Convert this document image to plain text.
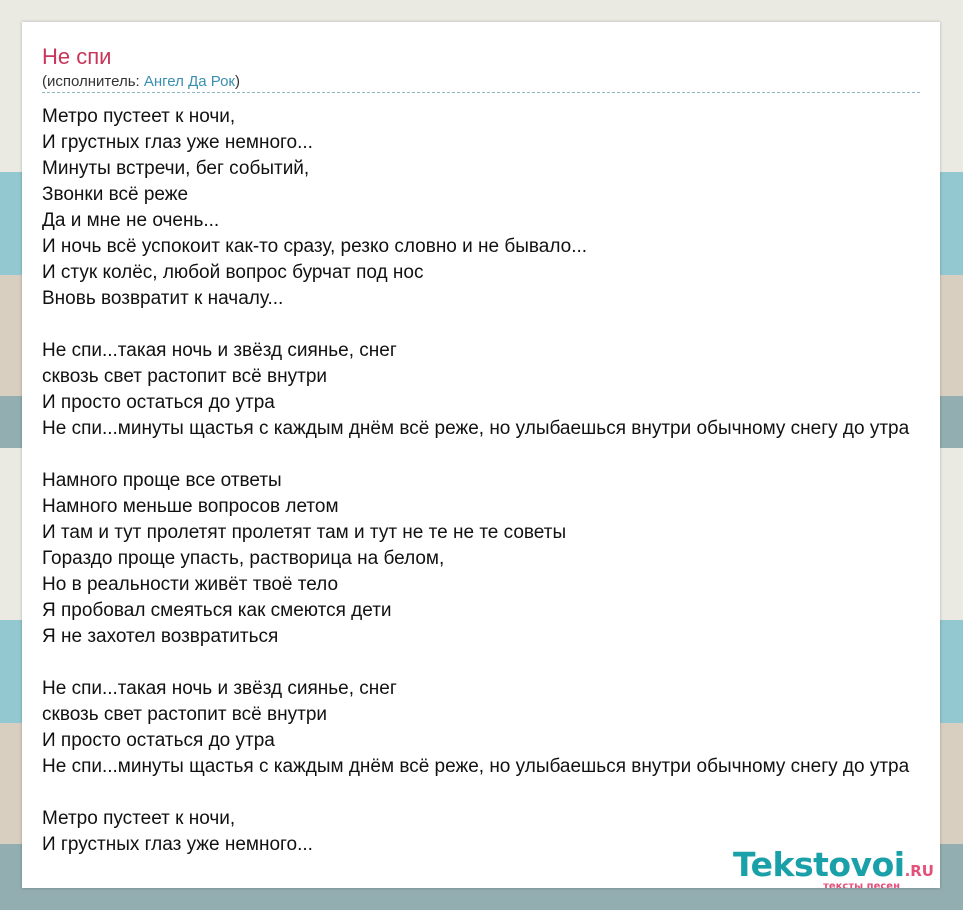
Не спи
(исполнитель: Ангел Да Рок)
Метро пустеет к ночи,
И грустных глаз уже немного...
Минуты встречи, бег событий,
Звонки всё реже
Да и мне не очень...
И ночь всё успокоит как-то сразу, резко словно и не бывало...
И стук колёс, любой вопрос бурчат под нос
Вновь возвратит к началу...
Не спи...такая ночь и звёзд сиянье, снег
сквозь свет растопит всё внутри
И просто остаться до утра
Не спи...минуты щастья с каждым днём всё реже, но улыбаешься внутри обычному снегу до утра
Намного проще все ответы
Намного меньше вопросов летом
И там и тут пролетят пролетят там и тут не те не те советы
Гораздо проще упасть, растворица на белом,
Но в реальности живёт твоё тело
Я пробовал смеяться как смеются дети
Я не захотел возвратиться
Не спи...такая ночь и звёзд сиянье, снег
сквозь свет растопит всё внутри
И просто остаться до утра
Не спи...минуты щастья с каждым днём всё реже, но улыбаешься внутри обычному снегу до утра
Метро пустеет к ночи,
И грустных глаз уже немного...
Tekstovoi.RU
тексты песен
